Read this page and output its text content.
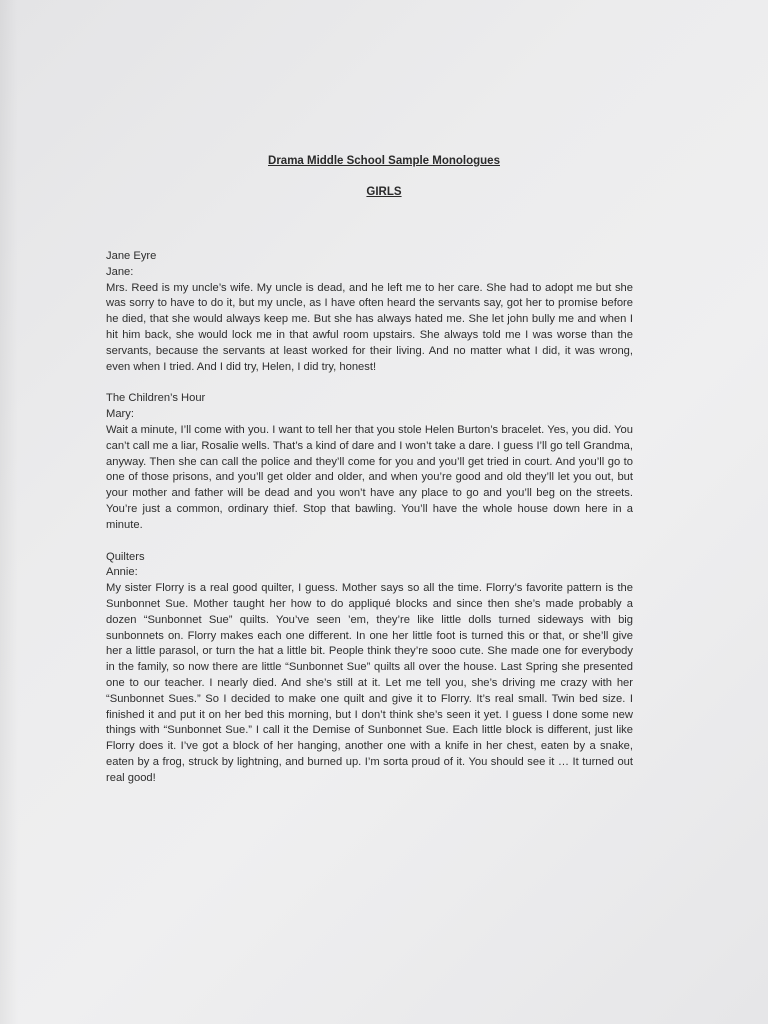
Drama Middle School Sample Monologues
GIRLS
Jane Eyre
Jane:
Mrs. Reed is my uncle’s wife. My uncle is dead, and he left me to her care. She had to adopt me but she was sorry to have to do it, but my uncle, as I have often heard the servants say, got her to promise before he died, that she would always keep me. But she has always hated me. She let john bully me and when I hit him back, she would lock me in that awful room upstairs. She always told me I was worse than the servants, because the servants at least worked for their living. And no matter what I did, it was wrong, even when I tried. And I did try, Helen, I did try, honest!
The Children’s Hour
Mary:
Wait a minute, I’ll come with you. I want to tell her that you stole Helen Burton’s bracelet. Yes, you did. You can’t call me a liar, Rosalie wells. That’s a kind of dare and I won’t take a dare. I guess I’ll go tell Grandma, anyway. Then she can call the police and they’ll come for you and you’ll get tried in court. And you’ll go to one of those prisons, and you’ll get older and older, and when you’re good and old they’ll let you out, but your mother and father will be dead and you won’t have any place to go and you’ll beg on the streets. You’re just a common, ordinary thief. Stop that bawling. You’ll have the whole house down here in a minute.
Quilters
Annie:
My sister Florry is a real good quilter, I guess. Mother says so all the time. Florry’s favorite pattern is the Sunbonnet Sue. Mother taught her how to do appliqué blocks and since then she’s made probably a dozen “Sunbonnet Sue” quilts. You’ve seen ’em, they’re like little dolls turned sideways with big sunbonnets on. Florry makes each one different. In one her little foot is turned this or that, or she’ll give her a little parasol, or turn the hat a little bit. People think they’re sooo cute. She made one for everybody in the family, so now there are little “Sunbonnet Sue” quilts all over the house. Last Spring she presented one to our teacher. I nearly died. And she’s still at it. Let me tell you, she’s driving me crazy with her “Sunbonnet Sues.” So I decided to make one quilt and give it to Florry. It’s real small. Twin bed size. I finished it and put it on her bed this morning, but I don’t think she’s seen it yet. I guess I done some new things with “Sunbonnet Sue.” I call it the Demise of Sunbonnet Sue. Each little block is different, just like Florry does it. I’ve got a block of her hanging, another one with a knife in her chest, eaten by a snake, eaten by a frog, struck by lightning, and burned up. I’m sorta proud of it. You should see it … It turned out real good!
